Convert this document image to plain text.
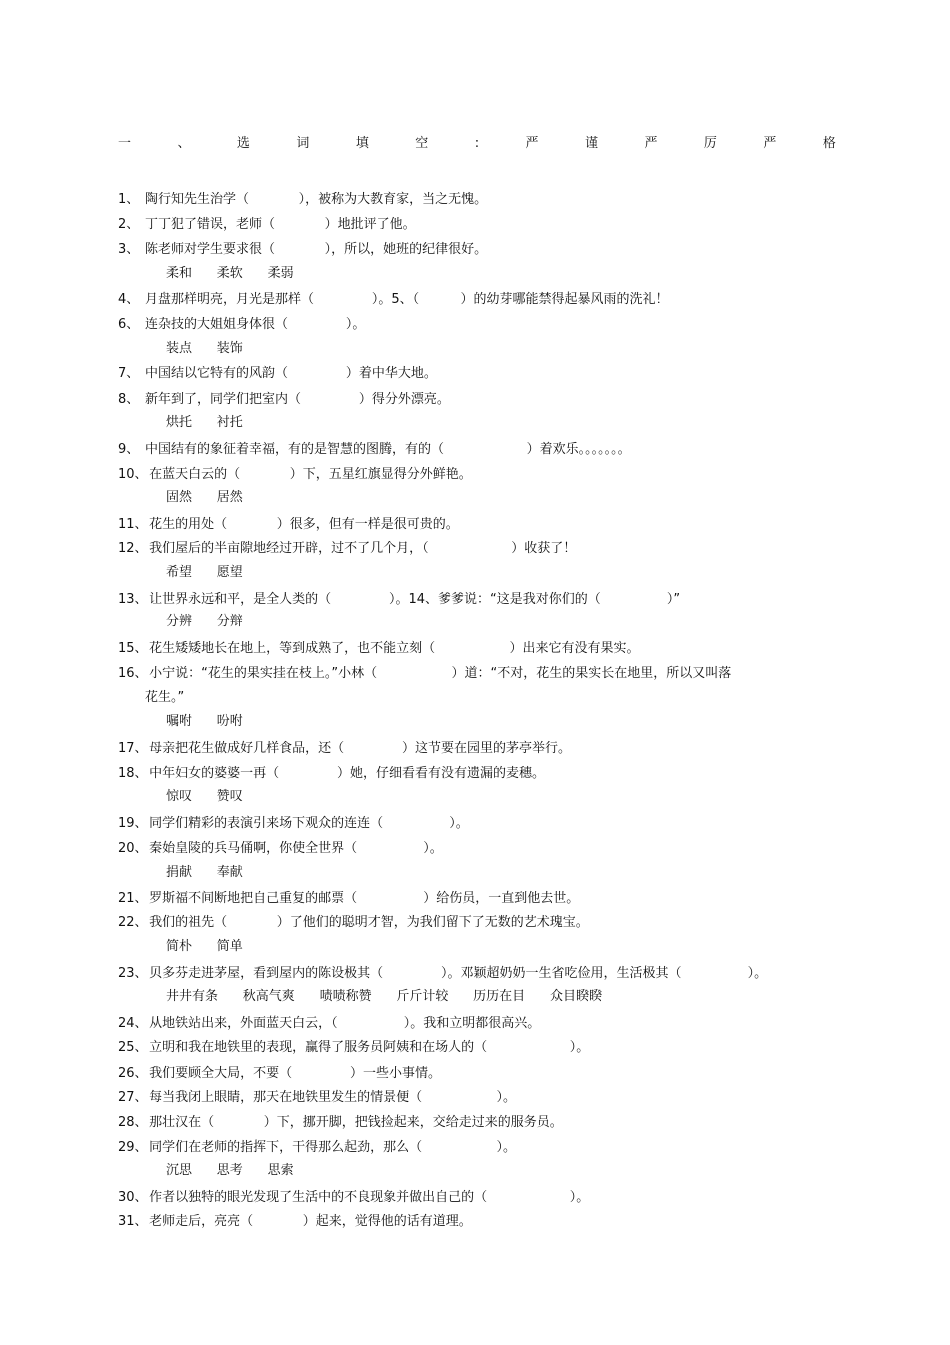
一	、	选	词	填	空	:	严	谨	严	厉	严	格
1、 陶行知先生治学（            ），被称为大教育家，当之无愧。
2、 丁丁犯了错误，老师（            ）地批评了他。
3、 陈老师对学生要求很（            ），所以，她班的纪律很好。
柔和      柔软      柔弱
4、 月盘那样明亮，月光是那样（              ）。5、（          ）的幼芽哪能禁得起暴风雨的洗礼！
6、 连杂技的大姐姐身体很（              ）。
装点      装饰
7、 中国结以它特有的风韵（              ）着中华大地。
8、 新年到了，同学们把室内（              ）得分外漂亮。
烘托      衬托
9、 中国结有的象征着幸福，有的是智慧的图腾，有的（                    ）着欢乐。。。。。。。
10、
在蓝天白云的（            ）下，五星红旗显得分外鲜艳。
固然      居然
11、
花生的用处（            ）很多，但有一样是很可贵的。
12、
我们屋后的半亩隙地经过开辟，过不了几个月，（                    ）收获了！
希望      愿望
13、
让世界永远和平，是全人类的（              ）。14、爹爹说：“这是我对你们的（                ）”
分辨      分辩
15、
花生矮矮地长在地上，等到成熟了，也不能立刻（                  ）出来它有没有果实。
16、
小宁说：“花生的果实挂在枝上。”小林（                  ）道：“不对，花生的果实长在地里，所以又叫落
花生。”
嘱咐      吩咐
17、
母亲把花生做成好几样食品，还（              ）这节要在园里的茅亭举行。
18、
中年妇女的婆婆一再（              ）她，仔细看看有没有遗漏的麦穗。
惊叹      赞叹
19、
同学们精彩的表演引来场下观众的连连（                ）。
20、
秦始皇陵的兵马俑啊，你使全世界（                ）。
捐献      奉献
21、
罗斯福不间断地把自己重复的邮票（                ）给伤员，一直到他去世。
22、
我们的祖先（            ）了他们的聪明才智，为我们留下了无数的艺术瑰宝。
简朴      简单
23、
贝多芬走进茅屋，看到屋内的陈设极其（              ）。邓颖超奶奶一生省吃俭用，生活极其（                ）。
井井有条      秋高气爽      啧啧称赞      斤斤计较      历历在目      众目睽睽
24、
从地铁站出来，外面蓝天白云，（                ）。我和立明都很高兴。
25、
立明和我在地铁里的表现，赢得了服务员阿姨和在场人的（                    ）。
26、
我们要顾全大局，不要（              ）一些小事情。
27、
每当我闭上眼睛，那天在地铁里发生的情景便（                  ）。
28、
那壮汉在（            ）下，挪开脚，把钱捡起来，交给走过来的服务员。
29、
同学们在老师的指挥下，干得那么起劲，那么（                  ）。
沉思      思考      思索
30、
作者以独特的眼光发现了生活中的不良现象并做出自己的（                    ）。
31、
老师走后，亮亮（            ）起来，觉得他的话有道理。
